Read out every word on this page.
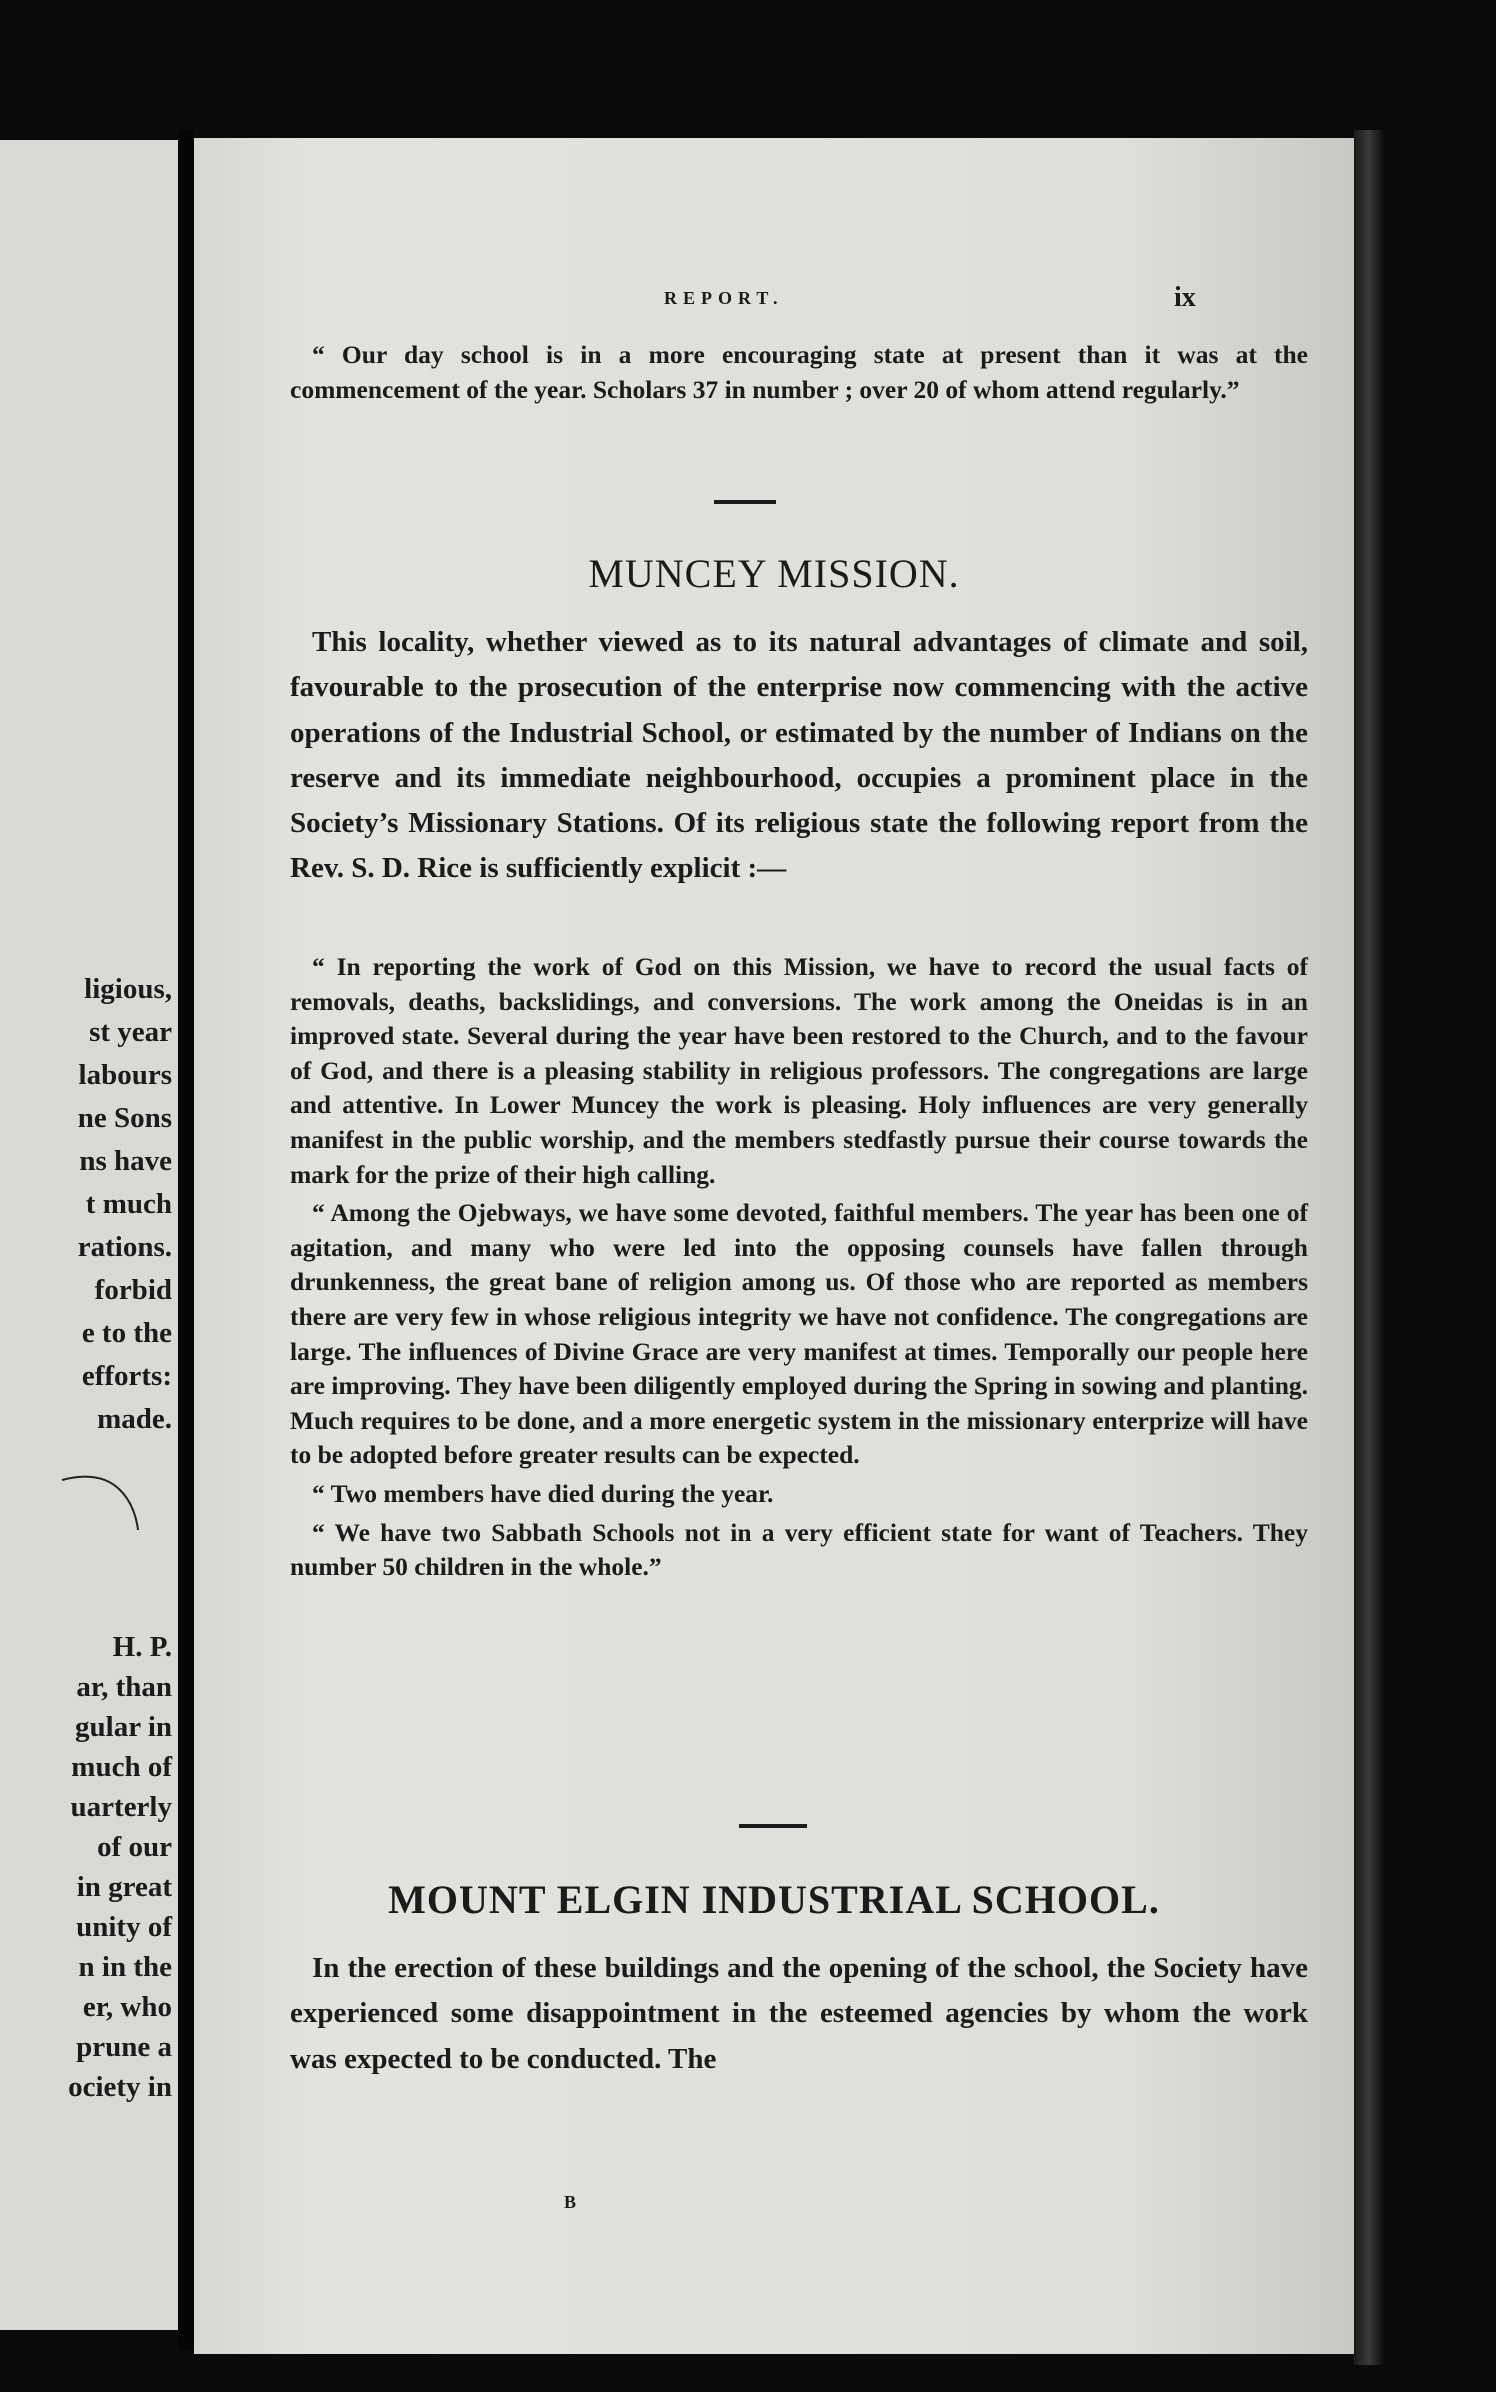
ligious,
st year
labours
ne Sons
ns have
t much
rations.
forbid
e to the
efforts:
made.
H. P.
ar, than
gular in
much of
uarterly
of our
in great
unity of
n in the
er, who
prune a
ociety in
REPORT.	ix

“ Our day school is in a more encouraging state at present than it was at the commencement of the year. Scholars 37 in number ; over 20 of whom attend regularly.”

MUNCEY MISSION.

This locality, whether viewed as to its natural advantages of climate and soil, favourable to the prosecution of the enterprise now commencing with the active operations of the Industrial School, or estimated by the number of Indians on the reserve and its immediate neighbourhood, occupies a prominent place in the Society’s Missionary Stations. Of its religious state the following report from the Rev. S. D. Rice is sufficiently explicit :—

“ In reporting the work of God on this Mission, we have to record the usual facts of removals, deaths, backslidings, and conversions. The work among the Oneidas is in an improved state. Several during the year have been restored to the Church, and to the favour of God, and there is a pleasing stability in religious professors. The congregations are large and attentive. In Lower Muncey the work is pleasing. Holy influences are very generally manifest in the public worship, and the members stedfastly pursue their course towards the mark for the prize of their high calling.

“ Among the Ojebways, we have some devoted, faithful members. The year has been one of agitation, and many who were led into the opposing counsels have fallen through drunkenness, the great bane of religion among us. Of those who are reported as members there are very few in whose religious integrity we have not confidence. The congregations are large. The influences of Divine Grace are very manifest at times. Temporally our people here are improving. They have been diligently employed during the Spring in sowing and planting. Much requires to be done, and a more energetic system in the missionary enterprize will have to be adopted before greater results can be expected.

“ Two members have died during the year.

“ We have two Sabbath Schools not in a very efficient state for want of Teachers. They number 50 children in the whole.”

MOUNT ELGIN INDUSTRIAL SCHOOL.

In the erection of these buildings and the opening of the school, the Society have experienced some disappointment in the esteemed agencies by whom the work was expected to be conducted. The

B
